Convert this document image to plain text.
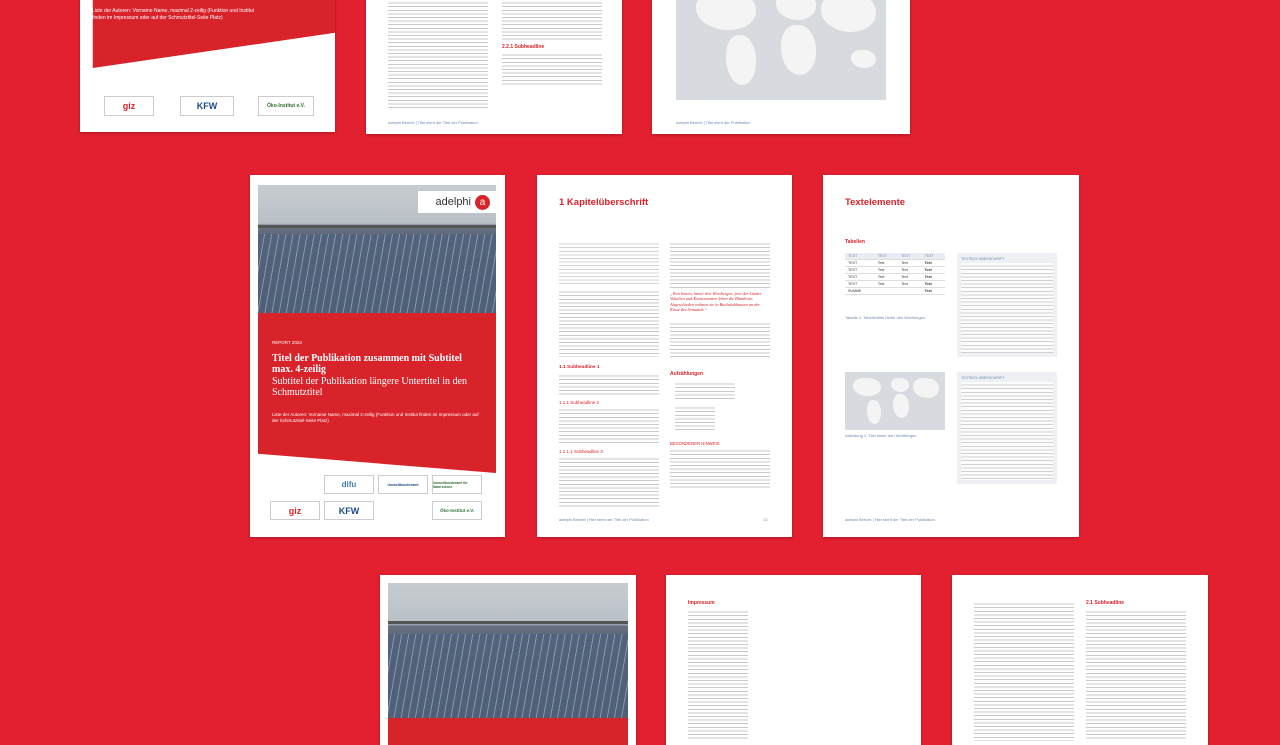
Liste der Autoren: Vorname Name, maximal 2-zeilig (Funktion und Institut finden im Impressum oder auf der Schmutztitel-Seite Platz)
giz	KFW	Öko-Institut e.V.
2.2.1 Subheadline
adelphi Bericht | Titel steht der Titel der Publikation	adelphi Bericht | Titel steht der Publikation
adelphi a
REPORT 2023
Titel der Publikation zusammen mit Subtitel max. 4-zeilig
Subtitel der Publikation längere Untertitel in den Schmutztitel
Liste der Autoren: Vorname Name, maximal 2-zeilig (Funktion und Institut finden im Impressum oder auf der Schmutztitel-Seite Platz)
difu	Umweltbundesamt	Umweltbundesamt für Naturschutz
giz	KFW	Öko-Institut e.V.
1 Kapitelüberschrift
1.1 Subheadline 1
1.1.1 Subheadline 2
1.1.1.1 Subheadline 3
„Weit hinten, hinter den Wortbergen, fern der Länder Vokalien und Konsonantien leben die Blindtexte. Abgeschieden wohnen sie in Buchstabhausen an der Küste des Semantik.“
Aufzählungen
BESONDERER HINWEIS
adelphi Bericht | Hier steht der Titel der Publikation	13
Textelemente
Tabellen
TEXT	TEXT	TEXT	TEXT
TEXT	Text	Text	Text
TEXT	Text	Text	Text
TEXT	Text	Text	Text
TEXT	Text	Text	Text
SUMME			Text
Tabelle 1: Tabellentitel hinter den Wortbergen
TEXTBOX ÜBERSCHRIFT
Abbildung 1: Titel hinter den Wortbergen
TEXTBOX ÜBERSCHRIFT
adelphi Bericht | Hier steht der Titel der Publikation
Impressum	2.1 Subheadline
